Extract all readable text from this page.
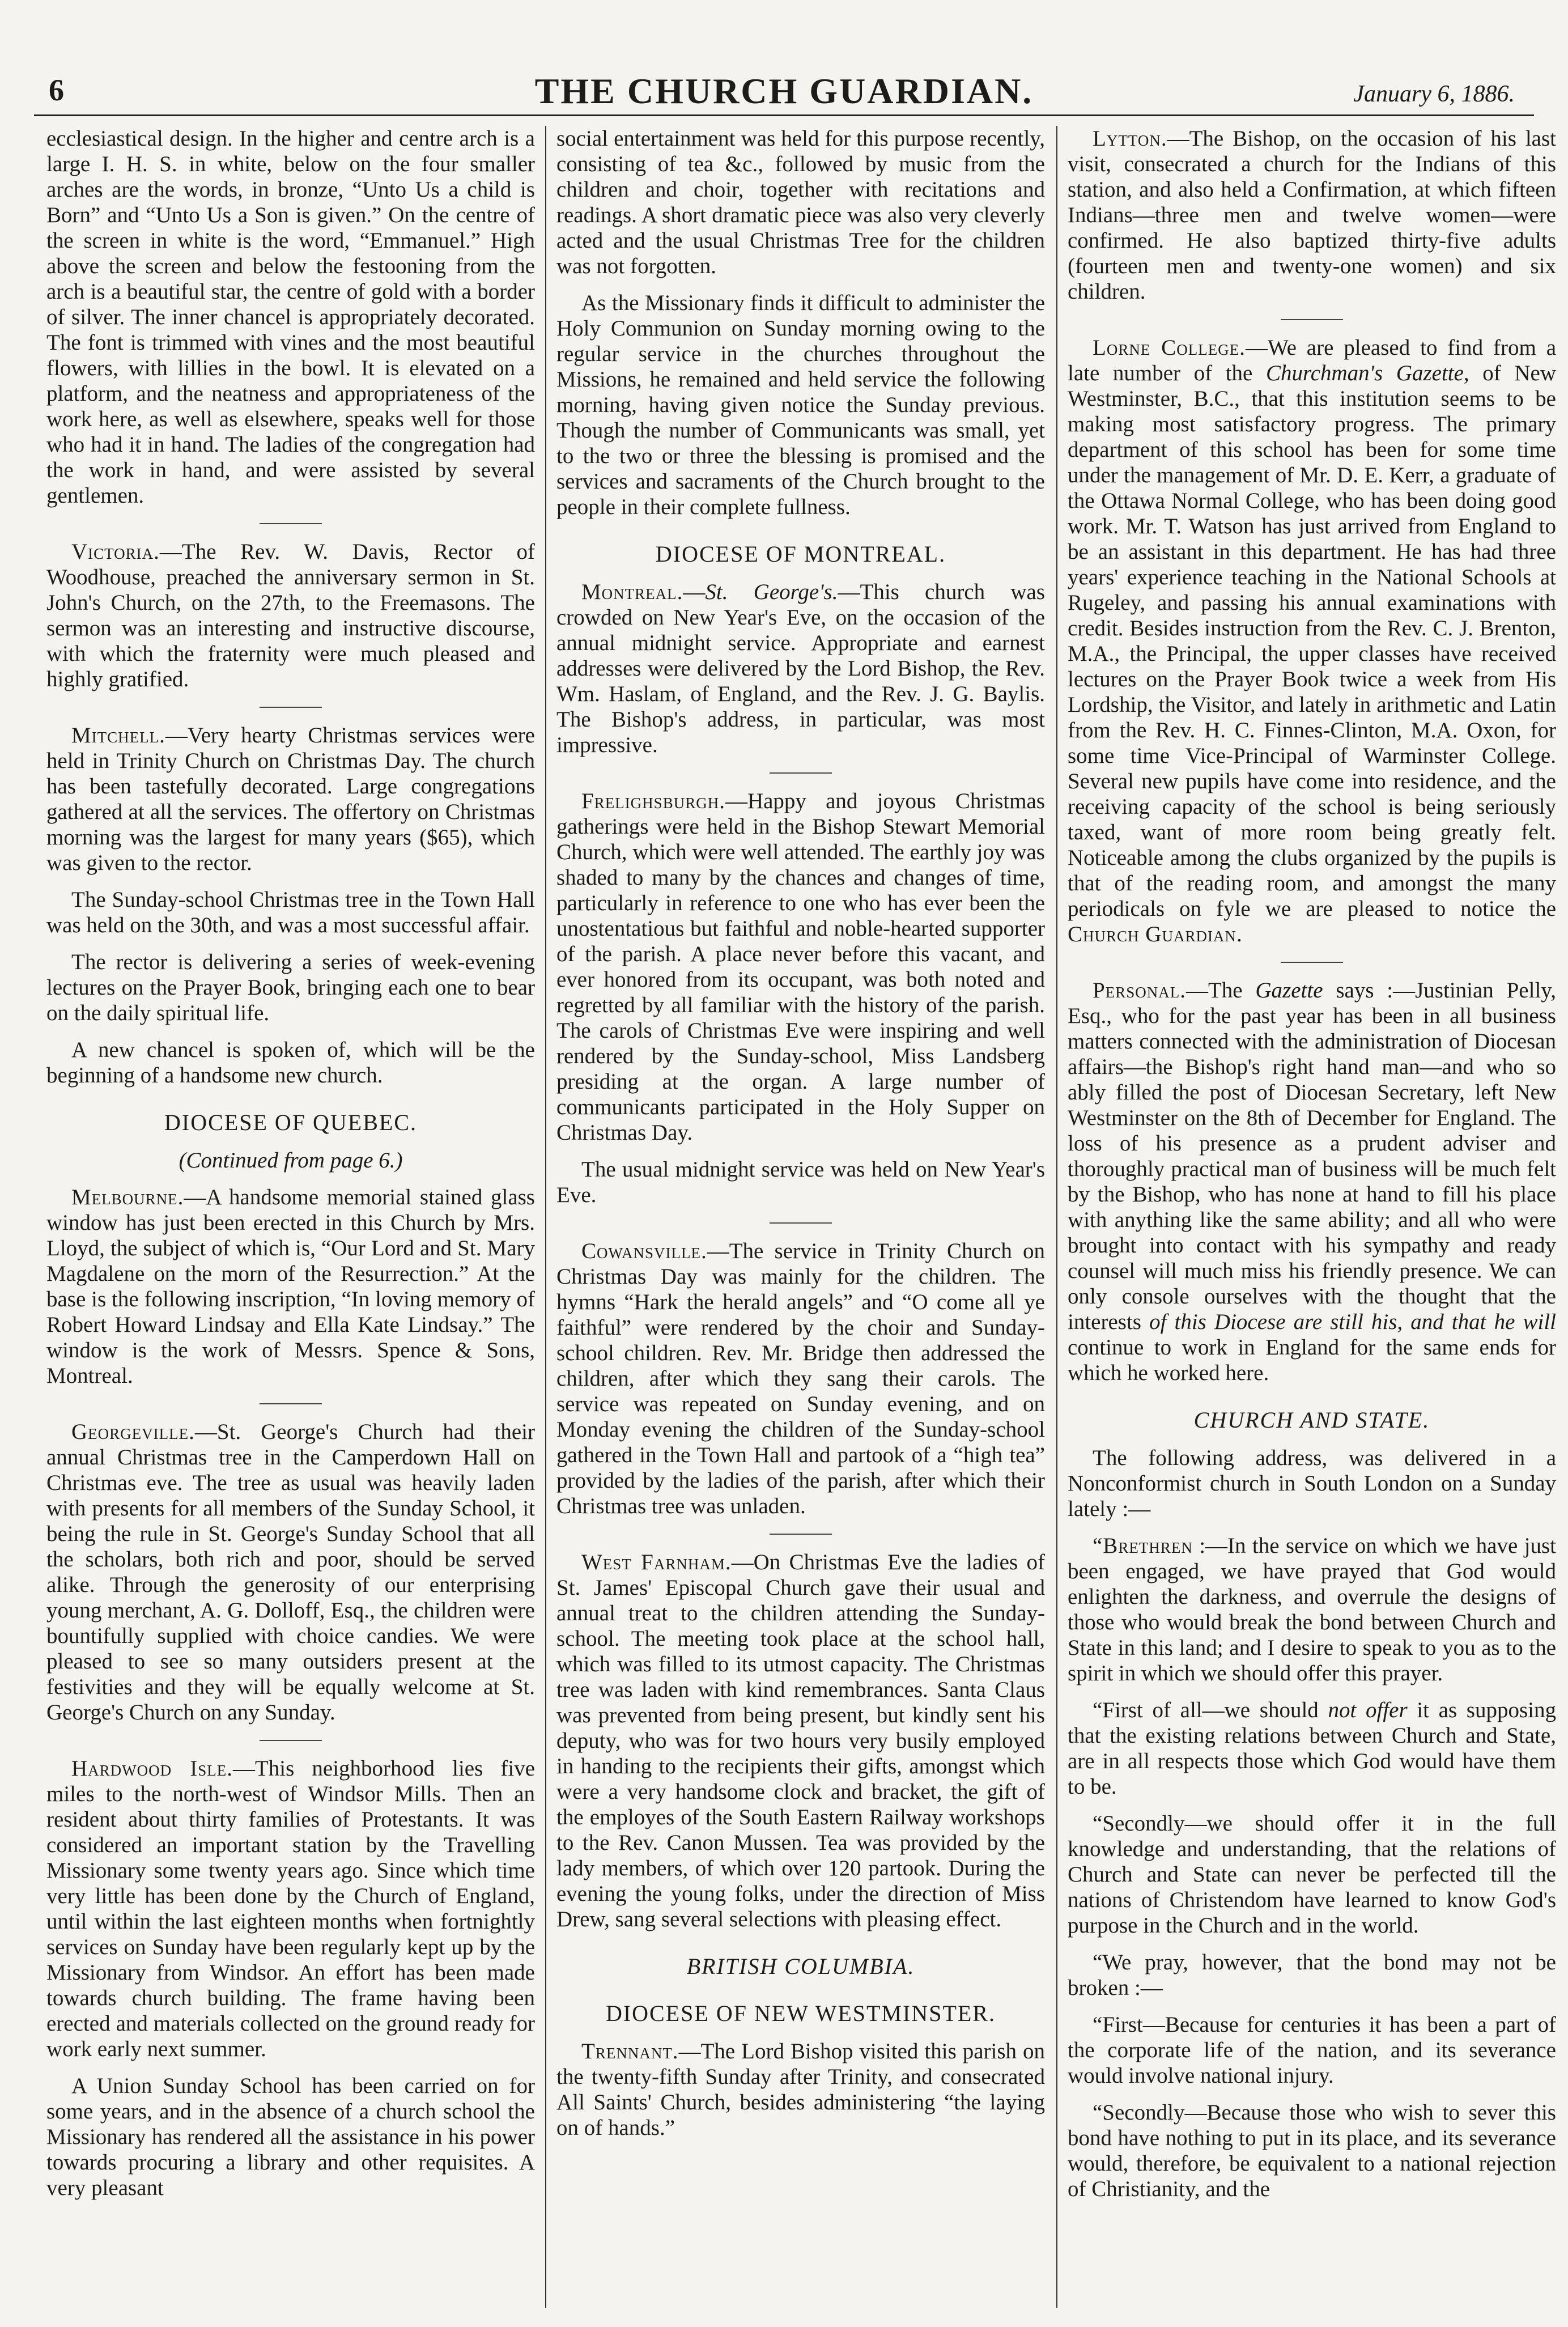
6	THE CHURCH GUARDIAN.	January 6, 1886.

ecclesiastical design. In the higher and centre arch is a large I. H. S. in white, below on the four smaller arches are the words, in bronze, “Unto Us a child is Born” and “Unto Us a Son is given.” On the centre of the screen in white is the word, “Emmanuel.” High above the screen and below the festooning from the arch is a beautiful star, the centre of gold with a border of silver. The inner chancel is appropriately decorated. The font is trimmed with vines and the most beautiful flowers, with lillies in the bowl. It is elevated on a platform, and the neatness and appropriateness of the work here, as well as elsewhere, speaks well for those who had it in hand. The ladies of the congregation had the work in hand, and were assisted by several gentlemen.

Victoria.—The Rev. W. Davis, Rector of Woodhouse, preached the anniversary sermon in St. John's Church, on the 27th, to the Freemasons. The sermon was an interesting and instructive discourse, with which the fraternity were much pleased and highly gratified.

Mitchell.—Very hearty Christmas services were held in Trinity Church on Christmas Day. The church has been tastefully decorated. Large congregations gathered at all the services. The offertory on Christmas morning was the largest for many years ($65), which was given to the rector.

The Sunday-school Christmas tree in the Town Hall was held on the 30th, and was a most successful affair.

The rector is delivering a series of week-evening lectures on the Prayer Book, bringing each one to bear on the daily spiritual life.

A new chancel is spoken of, which will be the beginning of a handsome new church.

DIOCESE OF QUEBEC.

(Continued from page 6.)

Melbourne.—A handsome memorial stained glass window has just been erected in this Church by Mrs. Lloyd, the subject of which is, “Our Lord and St. Mary Magdalene on the morn of the Resurrection.” At the base is the following inscription, “In loving memory of Robert Howard Lindsay and Ella Kate Lindsay.” The window is the work of Messrs. Spence & Sons, Montreal.

Georgeville.—St. George's Church had their annual Christmas tree in the Camperdown Hall on Christmas eve. The tree as usual was heavily laden with presents for all members of the Sunday School, it being the rule in St. George's Sunday School that all the scholars, both rich and poor, should be served alike. Through the generosity of our enterprising young merchant, A. G. Dolloff, Esq., the children were bountifully supplied with choice candies. We were pleased to see so many outsiders present at the festivities and they will be equally welcome at St. George's Church on any Sunday.

Hardwood Isle.—This neighborhood lies five miles to the north-west of Windsor Mills. Then an resident about thirty families of Protestants. It was considered an important station by the Travelling Missionary some twenty years ago. Since which time very little has been done by the Church of England, until within the last eighteen months when fortnightly services on Sunday have been regularly kept up by the Missionary from Windsor. An effort has been made towards church building. The frame having been erected and materials collected on the ground ready for work early next summer.

A Union Sunday School has been carried on for some years, and in the absence of a church school the Missionary has rendered all the assistance in his power towards procuring a library and other requisites. A very pleasant

social entertainment was held for this purpose recently, consisting of tea &c., followed by music from the children and choir, together with recitations and readings. A short dramatic piece was also very cleverly acted and the usual Christmas Tree for the children was not forgotten.

As the Missionary finds it difficult to administer the Holy Communion on Sunday morning owing to the regular service in the churches throughout the Missions, he remained and held service the following morning, having given notice the Sunday previous. Though the number of Communicants was small, yet to the two or three the blessing is promised and the services and sacraments of the Church brought to the people in their complete fullness.

DIOCESE OF MONTREAL.

Montreal.—St. George's.—This church was crowded on New Year's Eve, on the occasion of the annual midnight service. Appropriate and earnest addresses were delivered by the Lord Bishop, the Rev. Wm. Haslam, of England, and the Rev. J. G. Baylis. The Bishop's address, in particular, was most impressive.

Frelighsburgh.—Happy and joyous Christmas gatherings were held in the Bishop Stewart Memorial Church, which were well attended. The earthly joy was shaded to many by the chances and changes of time, particularly in reference to one who has ever been the unostentatious but faithful and noble-hearted supporter of the parish. A place never before this vacant, and ever honored from its occupant, was both noted and regretted by all familiar with the history of the parish. The carols of Christmas Eve were inspiring and well rendered by the Sunday-school, Miss Landsberg presiding at the organ. A large number of communicants participated in the Holy Supper on Christmas Day.

The usual midnight service was held on New Year's Eve.

Cowansville.—The service in Trinity Church on Christmas Day was mainly for the children. The hymns “Hark the herald angels” and “O come all ye faithful” were rendered by the choir and Sunday-school children. Rev. Mr. Bridge then addressed the children, after which they sang their carols. The service was repeated on Sunday evening, and on Monday evening the children of the Sunday-school gathered in the Town Hall and partook of a “high tea” provided by the ladies of the parish, after which their Christmas tree was unladen.

West Farnham.—On Christmas Eve the ladies of St. James' Episcopal Church gave their usual and annual treat to the children attending the Sunday-school. The meeting took place at the school hall, which was filled to its utmost capacity. The Christmas tree was laden with kind remembrances. Santa Claus was prevented from being present, but kindly sent his deputy, who was for two hours very busily employed in handing to the recipients their gifts, amongst which were a very handsome clock and bracket, the gift of the employes of the South Eastern Railway workshops to the Rev. Canon Mussen. Tea was provided by the lady members, of which over 120 partook. During the evening the young folks, under the direction of Miss Drew, sang several selections with pleasing effect.

BRITISH COLUMBIA.
DIOCESE OF NEW WESTMINSTER.

Trennant.—The Lord Bishop visited this parish on the twenty-fifth Sunday after Trinity, and consecrated All Saints' Church, besides administering “the laying on of hands.”

Lytton.—The Bishop, on the occasion of his last visit, consecrated a church for the Indians of this station, and also held a Confirmation, at which fifteen Indians—three men and twelve women—were confirmed. He also baptized thirty-five adults (fourteen men and twenty-one women) and six children.

Lorne College.—We are pleased to find from a late number of the Churchman's Gazette, of New Westminster, B.C., that this institution seems to be making most satisfactory progress. The primary department of this school has been for some time under the management of Mr. D. E. Kerr, a graduate of the Ottawa Normal College, who has been doing good work. Mr. T. Watson has just arrived from England to be an assistant in this department. He has had three years' experience teaching in the National Schools at Rugeley, and passing his annual examinations with credit. Besides instruction from the Rev. C. J. Brenton, M.A., the Principal, the upper classes have received lectures on the Prayer Book twice a week from His Lordship, the Visitor, and lately in arithmetic and Latin from the Rev. H. C. Finnes-Clinton, M.A. Oxon, for some time Vice-Principal of Warminster College. Several new pupils have come into residence, and the receiving capacity of the school is being seriously taxed, want of more room being greatly felt. Noticeable among the clubs organized by the pupils is that of the reading room, and amongst the many periodicals on fyle we are pleased to notice the Church Guardian.

Personal.—The Gazette says :—Justinian Pelly, Esq., who for the past year has been in all business matters connected with the administration of Diocesan affairs—the Bishop's right hand man—and who so ably filled the post of Diocesan Secretary, left New Westminster on the 8th of December for England. The loss of his presence as a prudent adviser and thoroughly practical man of business will be much felt by the Bishop, who has none at hand to fill his place with anything like the same ability; and all who were brought into contact with his sympathy and ready counsel will much miss his friendly presence. We can only console ourselves with the thought that the interests of this Diocese are still his, and that he will continue to work in England for the same ends for which he worked here.

CHURCH AND STATE.

The following address, was delivered in a Nonconformist church in South London on a Sunday lately :—

“Brethren :—In the service on which we have just been engaged, we have prayed that God would enlighten the darkness, and overrule the designs of those who would break the bond between Church and State in this land; and I desire to speak to you as to the spirit in which we should offer this prayer.

“First of all—we should not offer it as supposing that the existing relations between Church and State, are in all respects those which God would have them to be.

“Secondly—we should offer it in the full knowledge and understanding, that the relations of Church and State can never be perfected till the nations of Christendom have learned to know God's purpose in the Church and in the world.

“We pray, however, that the bond may not be broken :—

“First—Because for centuries it has been a part of the corporate life of the nation, and its severance would involve national injury.

“Secondly—Because those who wish to sever this bond have nothing to put in its place, and its severance would, therefore, be equivalent to a national rejection of Christianity, and the
